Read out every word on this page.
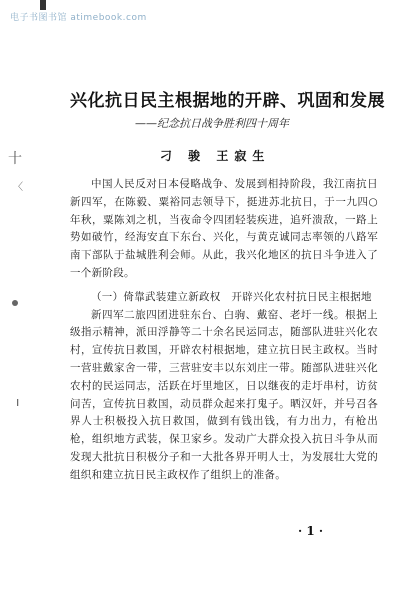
电子书图书馆 atimebook.com
十
〈
ı
兴化抗日民主根据地的开辟、巩固和发展
——纪念抗日战争胜利四十周年
刁 骏 王寂生

中国人民反对日本侵略战争、发展到相持阶段，我江南抗日新四军，在陈毅、粟裕同志领导下，挺进苏北抗日，于一九四○年秋，粟陈刘之机，当夜命令四团轻装疾进，追歼溃敌，一路上势如破竹，经海安直下东台、兴化，与黄克诚同志率领的八路军南下部队于盐城胜利会师。从此，我兴化地区的抗日斗争进入了一个新阶段。

（一）倚靠武装建立新政权　开辟兴化农村抗日民主根据地

新四军二旅四团进驻东台、白驹、戴窑、老圩一线。根据上级指示精神，派田浮静等二十余名民运同志，随部队进驻兴化农村，宣传抗日救国，开辟农村根据地，建立抗日民主政权。当时一营驻戴家舍一带，三营驻安丰以东刘庄一带。随部队进驻兴化农村的民运同志，活跃在圩里地区，日以继夜的走圩串村，访贫问苦，宣传抗日救国，动员群众起来打鬼子。晒汉奸，并号召各界人士积极投入抗日救国，做到有钱出钱，有力出力，有枪出枪，组织地方武装，保卫家乡。发动广大群众投入抗日斗争从而发现大批抗日积极分子和一大批各界开明人士，为发展壮大党的组织和建立抗日民主政权作了组织上的准备。

· 1 ·
